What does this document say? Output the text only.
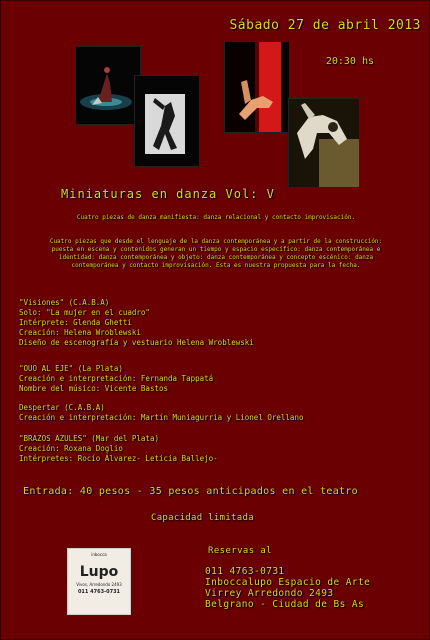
Sábado 27 de abril 2013
20:30 hs
Miniaturas en danza Vol: V
Cuatro piezas de danza manifiesta: danza relacional y contacto improvisación.
Cuatro piezas que desde el lenguaje de la danza contemporánea y a partir de la construcción: puesta en escena y contenidos generan un tiempo y espacio específico: danza contemporánea e identidad: danza contemporánea y objeto: danza contemporánea y concepto escénico: danza contemporánea y contacto improvisación. Esta es nuestra propuesta para la fecha.
"Visiones" (C.A.B.A)
Solo: "La mujer en el cuadro"
Intérprete: Glenda Ghetti
Creación: Helena Wroblewski
Diseño de escenografía y vestuario Helena Wroblewski
"OUO AL EJE" (La Plata)
Creación e interpretación: Fernanda Tappatá
Nombre del músico: Vicente Bastos
Despertar (C.A.B.A)
Creación e interpretación: Martín Muniagurria y Lionel Orellano
"BRAZOS AZULES" (Mar del Plata)
Creación: Roxana Doglio
Intérpretes: Rocío Álvarez- Leticia Ballejo-
Entrada: 40 pesos - 35 pesos anticipados en el teatro
Capacidad limitada
inbocca
Lupo
Vivos, Arredondo 2493
011 4763-0731
Reservas al
011 4763-0731
Inboccalupo Espacio de Arte
Virrey Arredondo 2493
Belgrano - Ciudad de Bs As
